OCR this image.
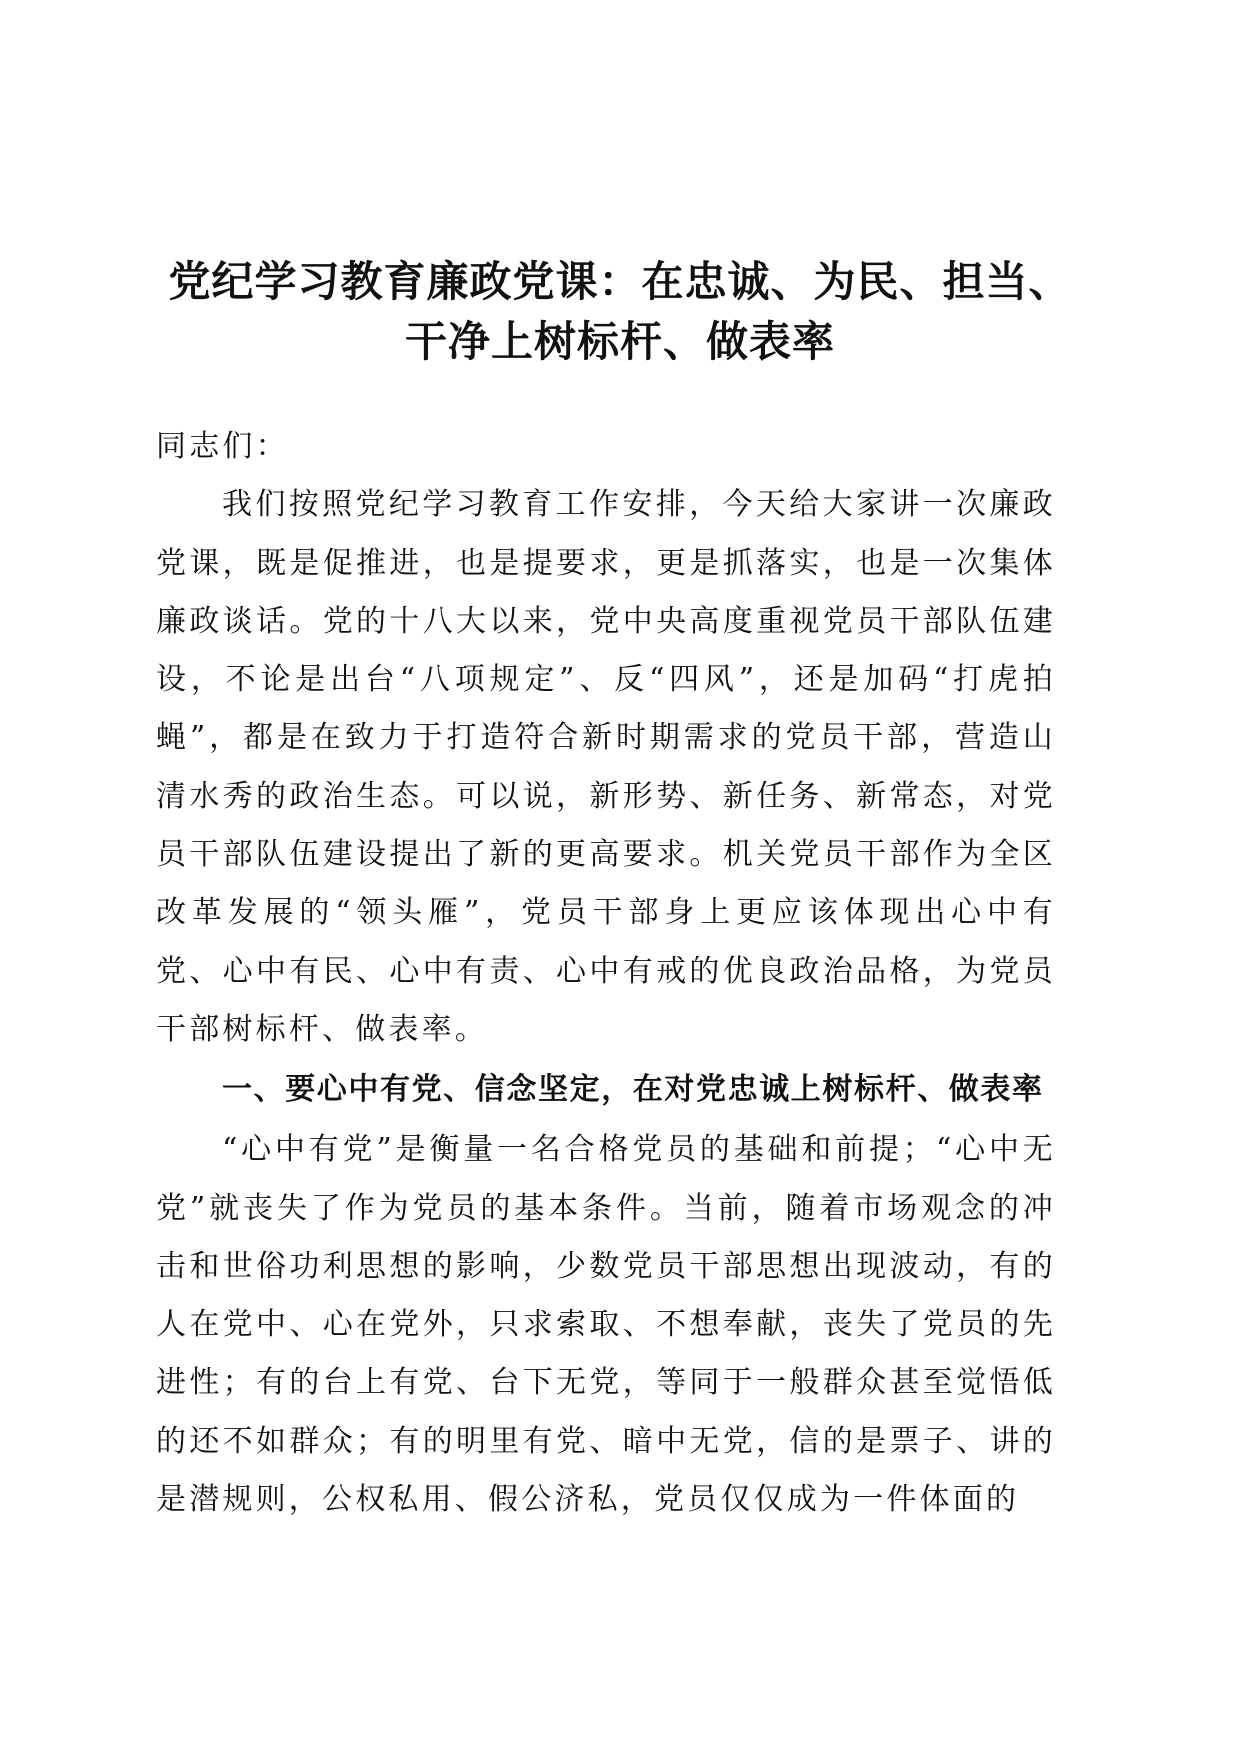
党纪学习教育廉政党课：在忠诚、为民、担当、
干净上树标杆、做表率

同志们：

我们按照党纪学习教育工作安排，今天给大家讲一次廉政党课，既是促推进，也是提要求，更是抓落实，也是一次集体廉政谈话。党的十八大以来，党中央高度重视党员干部队伍建设，不论是出台“八项规定”、反“四风”，还是加码“打虎拍蝇”，都是在致力于打造符合新时期需求的党员干部，营造山清水秀的政治生态。可以说，新形势、新任务、新常态，对党员干部队伍建设提出了新的更高要求。机关党员干部作为全区改革发展的“领头雁”，党员干部身上更应该体现出心中有党、心中有民、心中有责、心中有戒的优良政治品格，为党员干部树标杆、做表率。

一、要心中有党、信念坚定，在对党忠诚上树标杆、做表率

“心中有党”是衡量一名合格党员的基础和前提；“心中无党”就丧失了作为党员的基本条件。当前，随着市场观念的冲击和世俗功利思想的影响，少数党员干部思想出现波动，有的人在党中、心在党外，只求索取、不想奉献，丧失了党员的先进性；有的台上有党、台下无党，等同于一般群众甚至觉悟低的还不如群众；有的明里有党、暗中无党，信的是票子、讲的是潜规则，公权私用、假公济私，党员仅仅成为一件体面的
